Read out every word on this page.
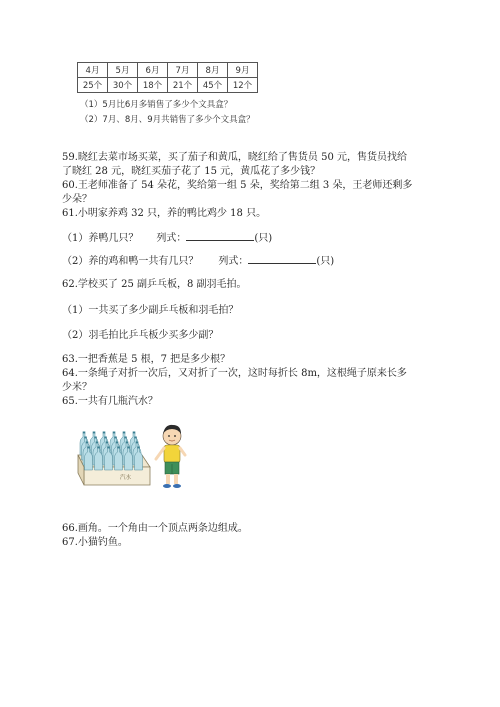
4月	5月	6月	7月	8月	9月
25个	30个	18个	21个	45个	12个
（1）5月比6月多销售了多少个文具盒？
（2）7月、8月、9月共销售了多少个文具盒？
59.晓红去菜市场买菜，买了茄子和黄瓜，晓红给了售货员 50 元，售货员找给
了晓红 28 元，晓红买茄子花了 15 元，黄瓜花了多少钱？
60.王老师准备了 54 朵花，奖给第一组 5 朵，奖给第二组 3 朵，王老师还剩多
少朵？
61.小明家养鸡 32 只，养的鸭比鸡少 18 只。
（1）养鸭几只？ 列式：	(只)
（2）养的鸡和鸭一共有几只？ 列式：	(只)
62.学校买了 25 副乒乓板，8 副羽毛拍。
（1）一共买了多少副乒乓板和羽毛拍？
（2）羽毛拍比乒乓板少买多少副？
63.一把香蕉是 5 根，7 把是多少根？
64.一条绳子对折一次后，又对折了一次，这时每折长 8m，这根绳子原来长多
少米？
65.一共有几瓶汽水？
汽水
66.画角。一个角由一个顶点两条边组成。
67.小猫钓鱼。
